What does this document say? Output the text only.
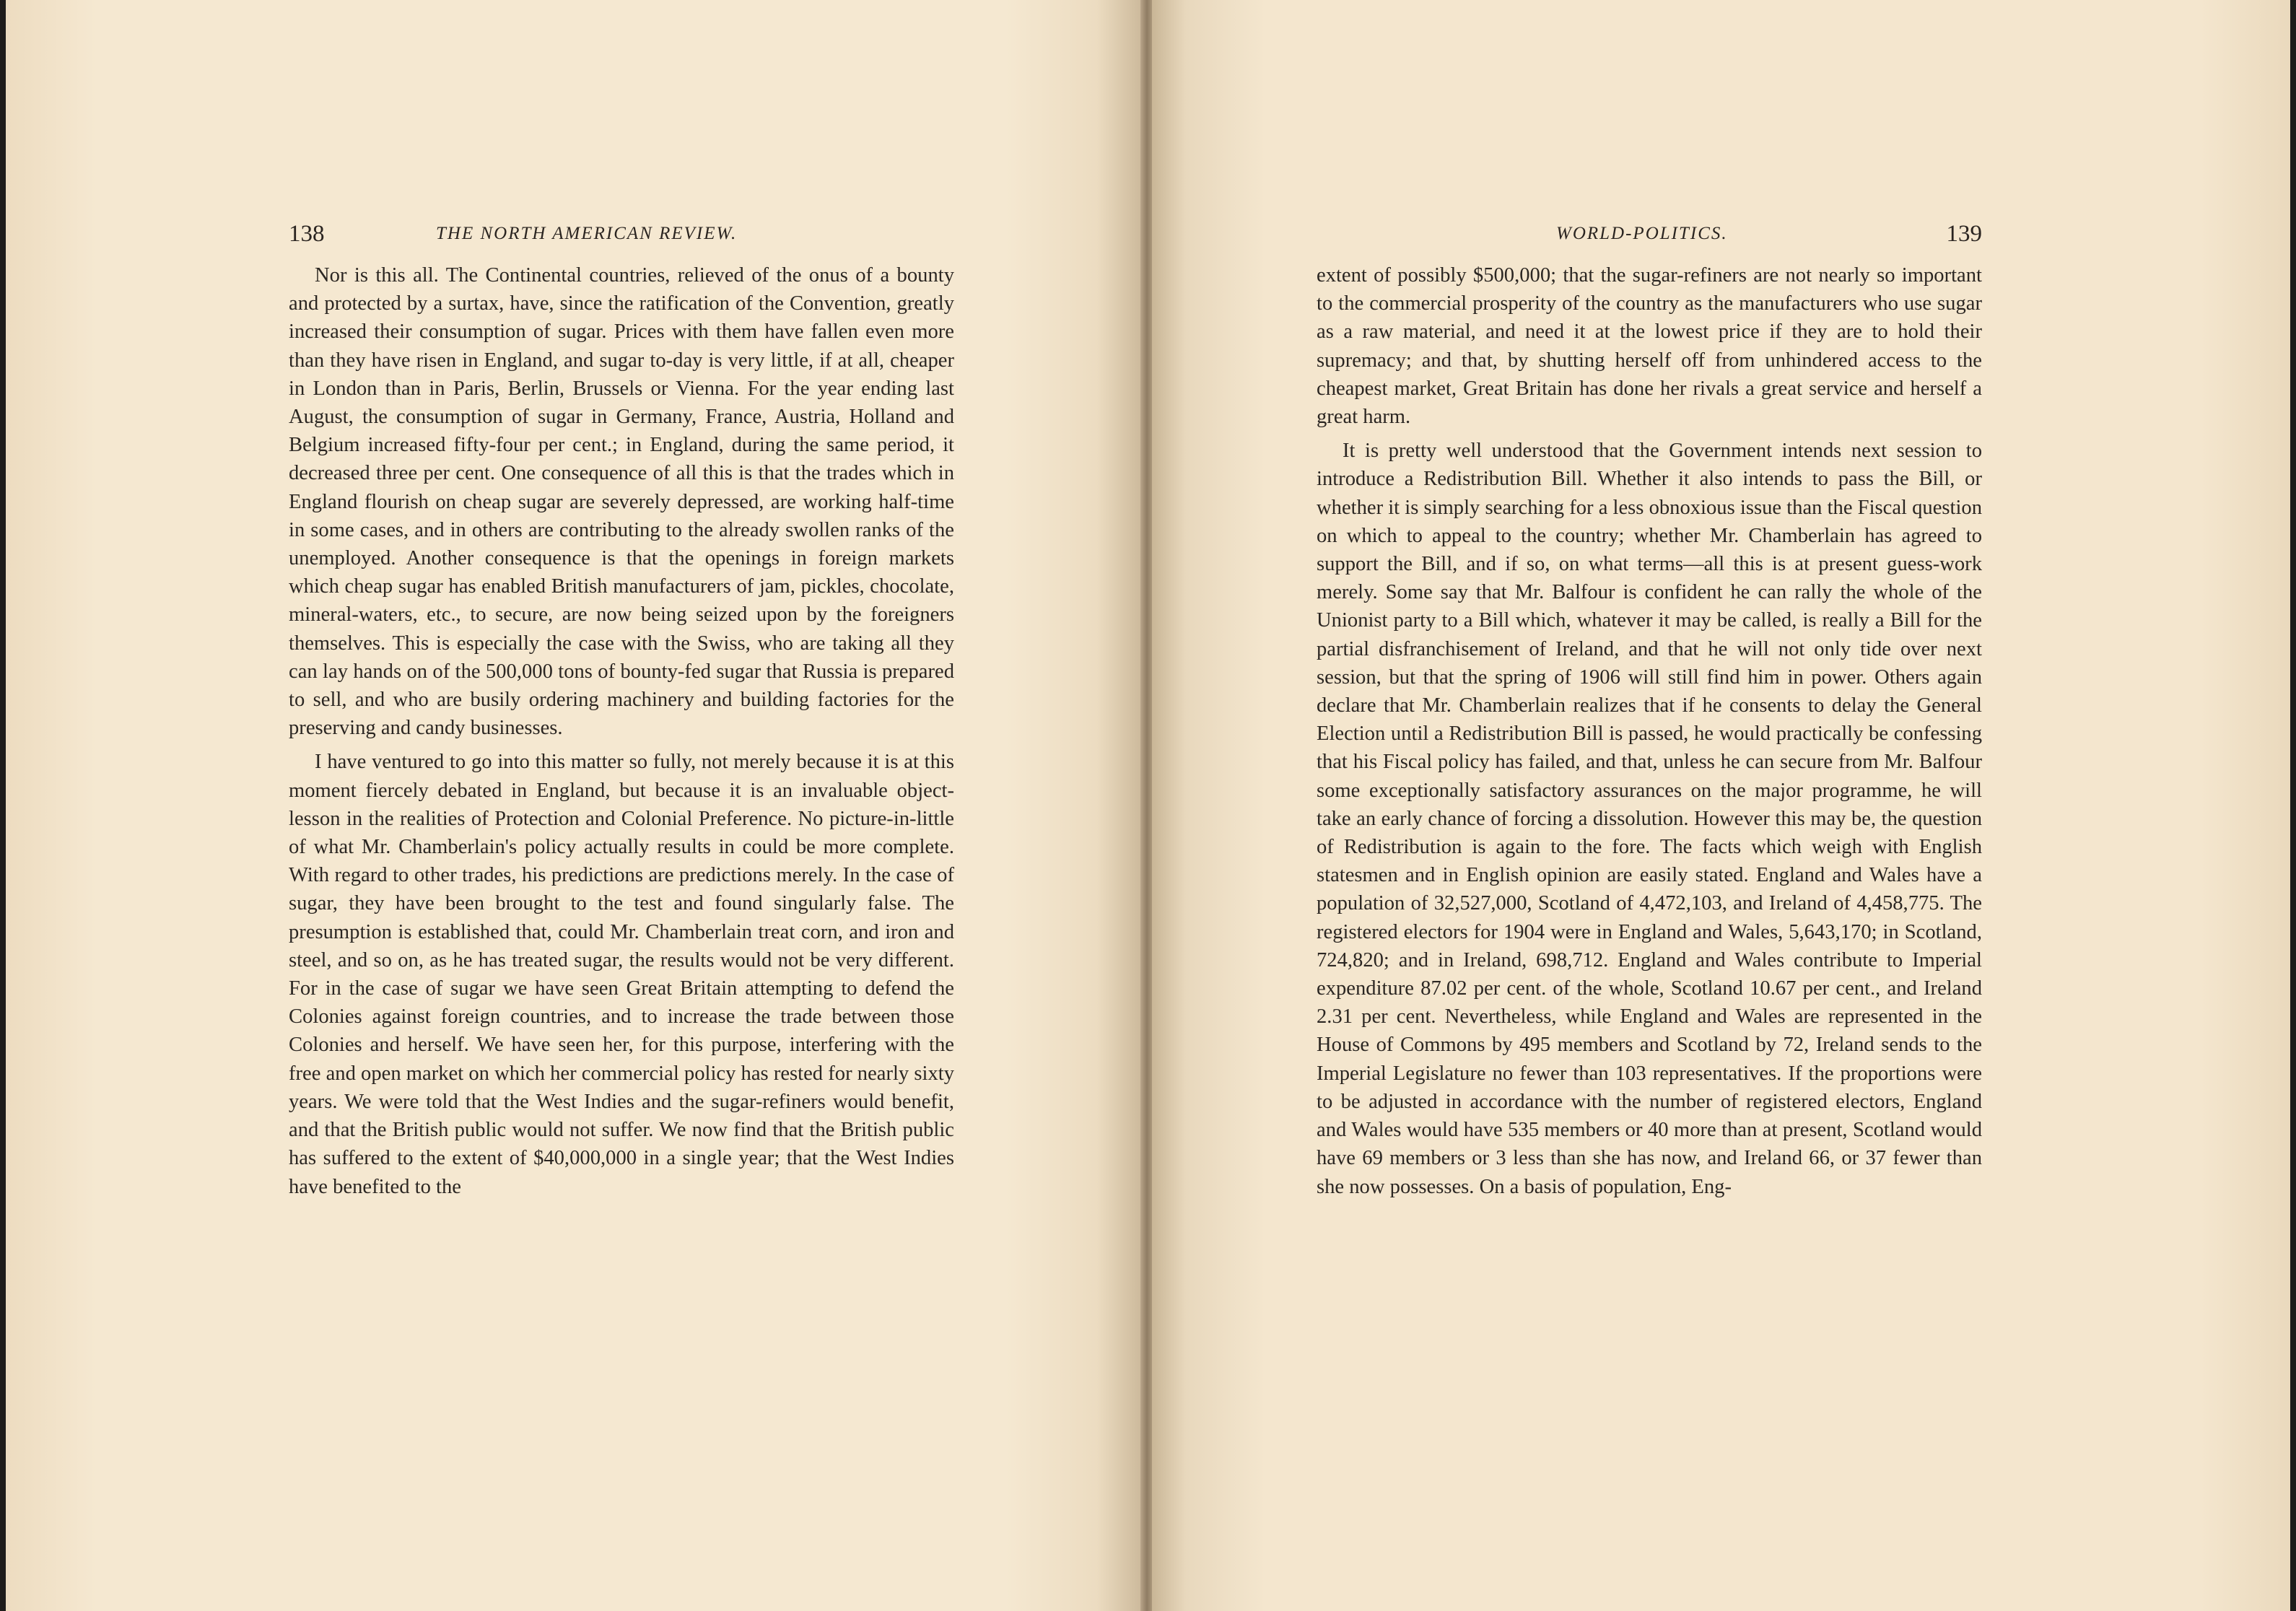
138	THE NORTH AMERICAN REVIEW.

Nor is this all. The Continental countries, relieved of the onus of a bounty and protected by a surtax, have, since the ratification of the Convention, greatly increased their consumption of sugar. Prices with them have fallen even more than they have risen in England, and sugar to-day is very little, if at all, cheaper in London than in Paris, Berlin, Brussels or Vienna. For the year ending last August, the consumption of sugar in Germany, France, Austria, Holland and Belgium increased fifty-four per cent.; in England, during the same period, it decreased three per cent. One consequence of all this is that the trades which in England flourish on cheap sugar are severely depressed, are working half-time in some cases, and in others are contributing to the already swollen ranks of the unemployed. Another consequence is that the openings in foreign markets which cheap sugar has enabled British manufacturers of jam, pickles, chocolate, mineral-waters, etc., to secure, are now being seized upon by the foreigners themselves. This is especially the case with the Swiss, who are taking all they can lay hands on of the 500,000 tons of bounty-fed sugar that Russia is prepared to sell, and who are busily ordering machinery and building factories for the preserving and candy businesses.

I have ventured to go into this matter so fully, not merely because it is at this moment fiercely debated in England, but because it is an invaluable object-lesson in the realities of Protection and Colonial Preference. No picture-in-little of what Mr. Chamberlain's policy actually results in could be more complete. With regard to other trades, his predictions are predictions merely. In the case of sugar, they have been brought to the test and found singularly false. The presumption is established that, could Mr. Chamberlain treat corn, and iron and steel, and so on, as he has treated sugar, the results would not be very different. For in the case of sugar we have seen Great Britain attempting to defend the Colonies against foreign countries, and to increase the trade between those Colonies and herself. We have seen her, for this purpose, interfering with the free and open market on which her commercial policy has rested for nearly sixty years. We were told that the West Indies and the sugar-refiners would benefit, and that the British public would not suffer. We now find that the British public has suffered to the extent of $40,000,000 in a single year; that the West Indies have benefited to the

WORLD-POLITICS.	139

extent of possibly $500,000; that the sugar-refiners are not nearly so important to the commercial prosperity of the country as the manufacturers who use sugar as a raw material, and need it at the lowest price if they are to hold their supremacy; and that, by shutting herself off from unhindered access to the cheapest market, Great Britain has done her rivals a great service and herself a great harm.

It is pretty well understood that the Government intends next session to introduce a Redistribution Bill. Whether it also intends to pass the Bill, or whether it is simply searching for a less obnoxious issue than the Fiscal question on which to appeal to the country; whether Mr. Chamberlain has agreed to support the Bill, and if so, on what terms—all this is at present guess-work merely. Some say that Mr. Balfour is confident he can rally the whole of the Unionist party to a Bill which, whatever it may be called, is really a Bill for the partial disfranchisement of Ireland, and that he will not only tide over next session, but that the spring of 1906 will still find him in power. Others again declare that Mr. Chamberlain realizes that if he consents to delay the General Election until a Redistribution Bill is passed, he would practically be confessing that his Fiscal policy has failed, and that, unless he can secure from Mr. Balfour some exceptionally satisfactory assurances on the major programme, he will take an early chance of forcing a dissolution. However this may be, the question of Redistribution is again to the fore. The facts which weigh with English statesmen and in English opinion are easily stated. England and Wales have a population of 32,527,000, Scotland of 4,472,103, and Ireland of 4,458,775. The registered electors for 1904 were in England and Wales, 5,643,170; in Scotland, 724,820; and in Ireland, 698,712. England and Wales contribute to Imperial expenditure 87.02 per cent. of the whole, Scotland 10.67 per cent., and Ireland 2.31 per cent. Nevertheless, while England and Wales are represented in the House of Commons by 495 members and Scotland by 72, Ireland sends to the Imperial Legislature no fewer than 103 representatives. If the proportions were to be adjusted in accordance with the number of registered electors, England and Wales would have 535 members or 40 more than at present, Scotland would have 69 members or 3 less than she has now, and Ireland 66, or 37 fewer than she now possesses. On a basis of population, Eng-
